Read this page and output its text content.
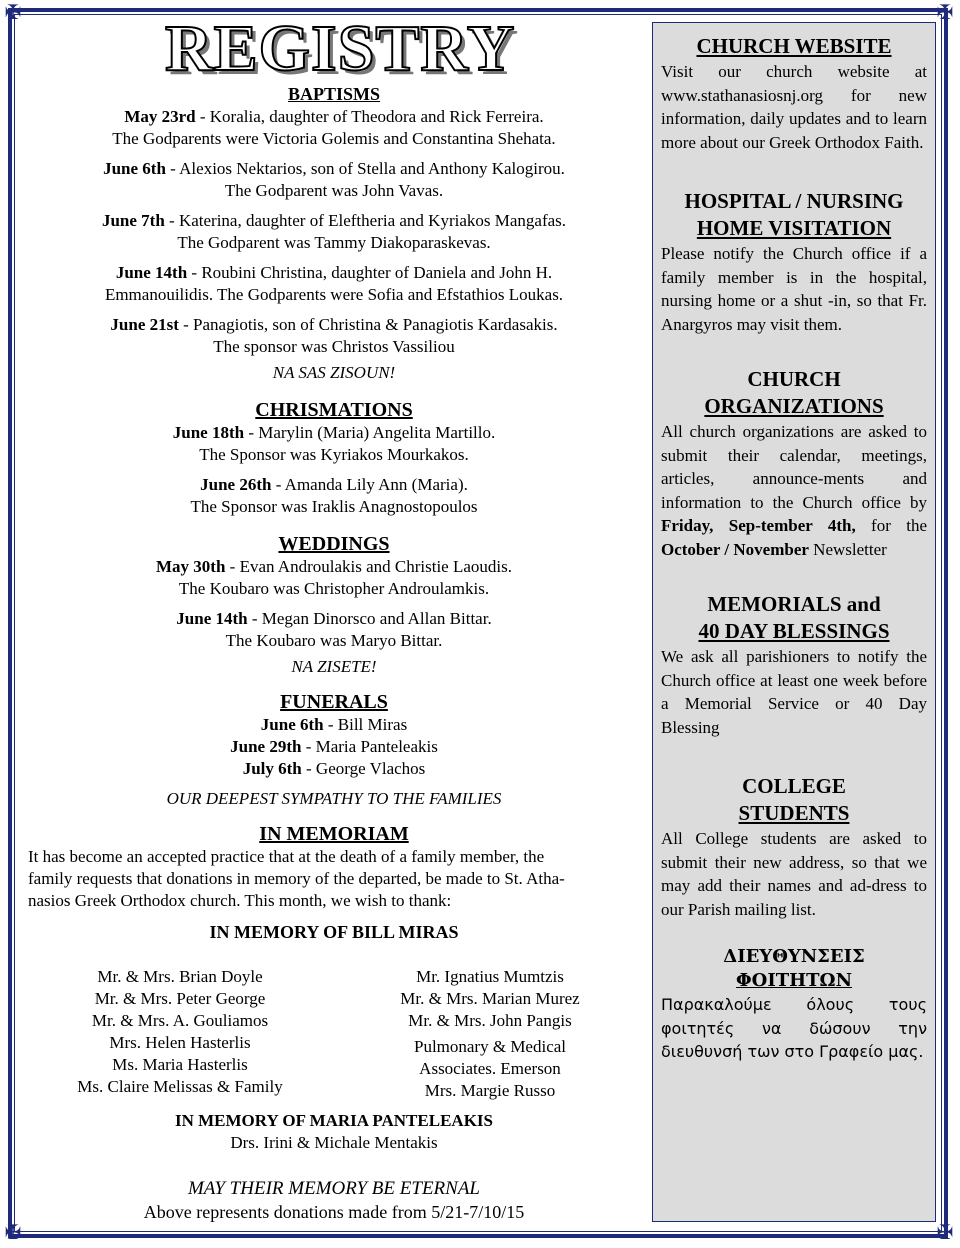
✠	✠
✠	✠
REGISTRY
BAPTISMS
May 23rd - Koralia, daughter of Theodora and Rick Ferreira.
The Godparents were Victoria Golemis and Constantina Shehata.
June 6th - Alexios Nektarios, son of Stella and Anthony Kalogirou.
The Godparent was John Vavas.
June 7th - Katerina, daughter of Eleftheria and Kyriakos Mangafas.
The Godparent was Tammy Diakoparaskevas.
June 14th - Roubini Christina, daughter of Daniela and John H.
Emmanouilidis. The Godparents were Sofia and Efstathios Loukas.
June 21st - Panagiotis, son of Christina & Panagiotis Kardasakis.
The sponsor was Christos Vassiliou
NA SAS ZISOUN!
CHRISMATIONS
June 18th - Marylin (Maria) Angelita Martillo.
The Sponsor was Kyriakos Mourkakos.
June 26th - Amanda Lily Ann (Maria).
The Sponsor was Iraklis Anagnostopoulos
WEDDINGS
May 30th - Evan Androulakis and Christie Laoudis.
The Koubaro was Christopher Androulamkis.
June 14th - Megan Dinorsco and Allan Bittar.
The Koubaro was Maryo Bittar.
NA ZISETE!
FUNERALS
June 6th - Bill Miras
June 29th - Maria Panteleakis
July 6th - George Vlachos
OUR DEEPEST SYMPATHY TO THE FAMILIES
IN MEMORIAM
It has become an accepted practice that at the death of a family member, the
family requests that donations in memory of the departed, be made to St. Atha-
nasios Greek Orthodox church. This month, we wish to thank:
IN MEMORY OF BILL MIRAS
Mr. & Mrs. Brian Doyle
Mr. & Mrs. Peter George
Mr. & Mrs. A. Gouliamos
Mrs. Helen Hasterlis
Ms. Maria Hasterlis
Ms. Claire Melissas & Family
Mr. Ignatius Mumtzis
Mr. & Mrs. Marian Murez
Mr. & Mrs. John Pangis
Pulmonary & Medical
Associates. Emerson
Mrs. Margie Russo
IN MEMORY OF MARIA PANTELEAKIS
Drs. Irini & Michale Mentakis
MAY THEIR MEMORY BE ETERNAL
Above represents donations made from 5/21-7/10/15
CHURCH WEBSITE
Visit our church website at www.stathanasiosnj.org for new information, daily updates and to learn more about our Greek Orthodox Faith.
HOSPITAL / NURSING
HOME VISITATION
Please notify the Church office if a family member is in the hospital, nursing home or a shut -in, so that Fr. Anargyros may visit them.
CHURCH
ORGANIZATIONS
All church organizations are asked to submit their calendar, meetings, articles, announce-ments and information to the Church office by Friday, Sep-tember 4th, for the October / November Newsletter
MEMORIALS and
40 DAY BLESSINGS
We ask all parishioners to notify the Church office at least one week before a Memorial Service or 40 Day Blessing
COLLEGE
STUDENTS
All College students are asked to submit their new address, so that we may add their names and ad-dress to our Parish mailing list.
ΔΙΕΥΘΥΝΣΕΙΣ
ΦΟΙΤΗΤΩΝ
Παρακαλούμε όλους τους φοιτητές να δώσουν την διευθυνσή των στο Γραφείο μας.
